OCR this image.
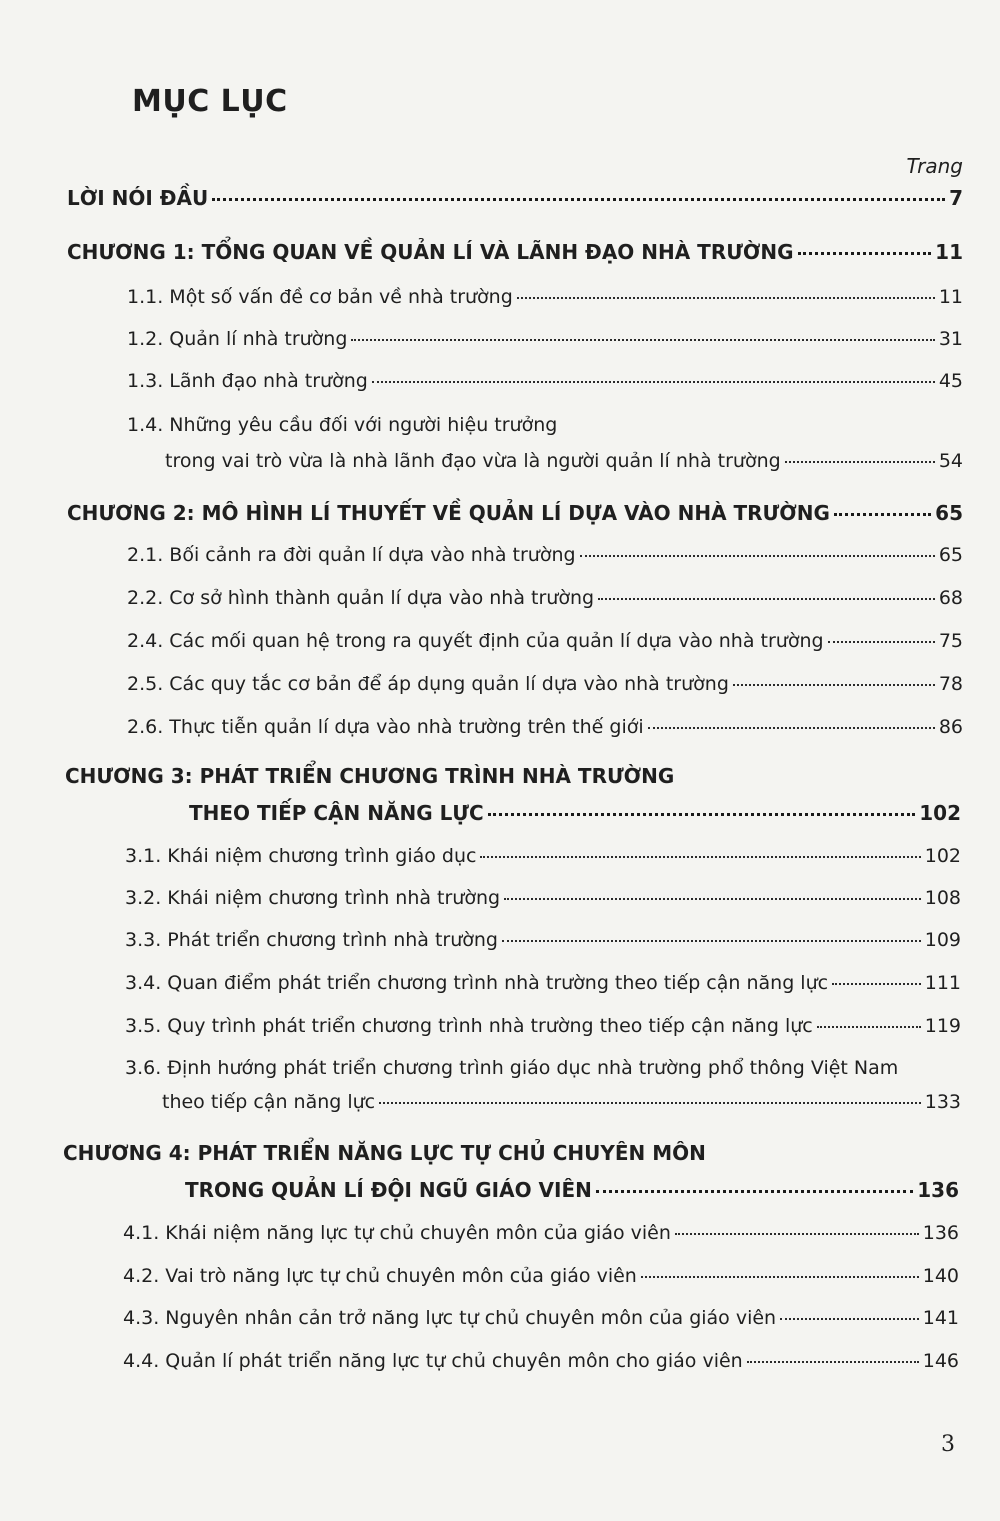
MỤC LỤC
Trang
LỜI NÓI ĐẦU	7
CHƯƠNG 1: TỔNG QUAN VỀ QUẢN LÍ VÀ LÃNH ĐẠO NHÀ TRƯỜNG	11
1.1. Một số vấn đề cơ bản về nhà trường	11
1.2. Quản lí nhà trường	31
1.3. Lãnh đạo nhà trường	45
1.4. Những yêu cầu đối với người hiệu trưởng
trong vai trò vừa là nhà lãnh đạo vừa là người quản lí nhà trường	54
CHƯƠNG 2: MÔ HÌNH LÍ THUYẾT VỀ QUẢN LÍ DỰA VÀO NHÀ TRƯỜNG	65
2.1. Bối cảnh ra đời quản lí dựa vào nhà trường	65
2.2. Cơ sở hình thành quản lí dựa vào nhà trường	68
2.4. Các mối quan hệ trong ra quyết định của quản lí dựa vào nhà trường	75
2.5. Các quy tắc cơ bản để áp dụng quản lí dựa vào nhà trường	78
2.6. Thực tiễn quản lí dựa vào nhà trường trên thế giới	86
CHƯƠNG 3: PHÁT TRIỂN CHƯƠNG TRÌNH NHÀ TRƯỜNG
THEO TIẾP CẬN NĂNG LỰC	102
3.1. Khái niệm chương trình giáo dục	102
3.2. Khái niệm chương trình nhà trường	108
3.3. Phát triển chương trình nhà trường	109
3.4. Quan điểm phát triển chương trình nhà trường theo tiếp cận năng lực	111
3.5. Quy trình phát triển chương trình nhà trường theo tiếp cận năng lực	119
3.6. Định hướng phát triển chương trình giáo dục nhà trường phổ thông Việt Nam
theo tiếp cận năng lực	133
CHƯƠNG 4: PHÁT TRIỂN NĂNG LỰC TỰ CHỦ CHUYÊN MÔN
TRONG QUẢN LÍ ĐỘI NGŨ GIÁO VIÊN	136
4.1. Khái niệm năng lực tự chủ chuyên môn của giáo viên	136
4.2. Vai trò năng lực tự chủ chuyên môn của giáo viên	140
4.3. Nguyên nhân cản trở năng lực tự chủ chuyên môn của giáo viên	141
4.4. Quản lí phát triển năng lực tự chủ chuyên môn cho giáo viên	146
3
